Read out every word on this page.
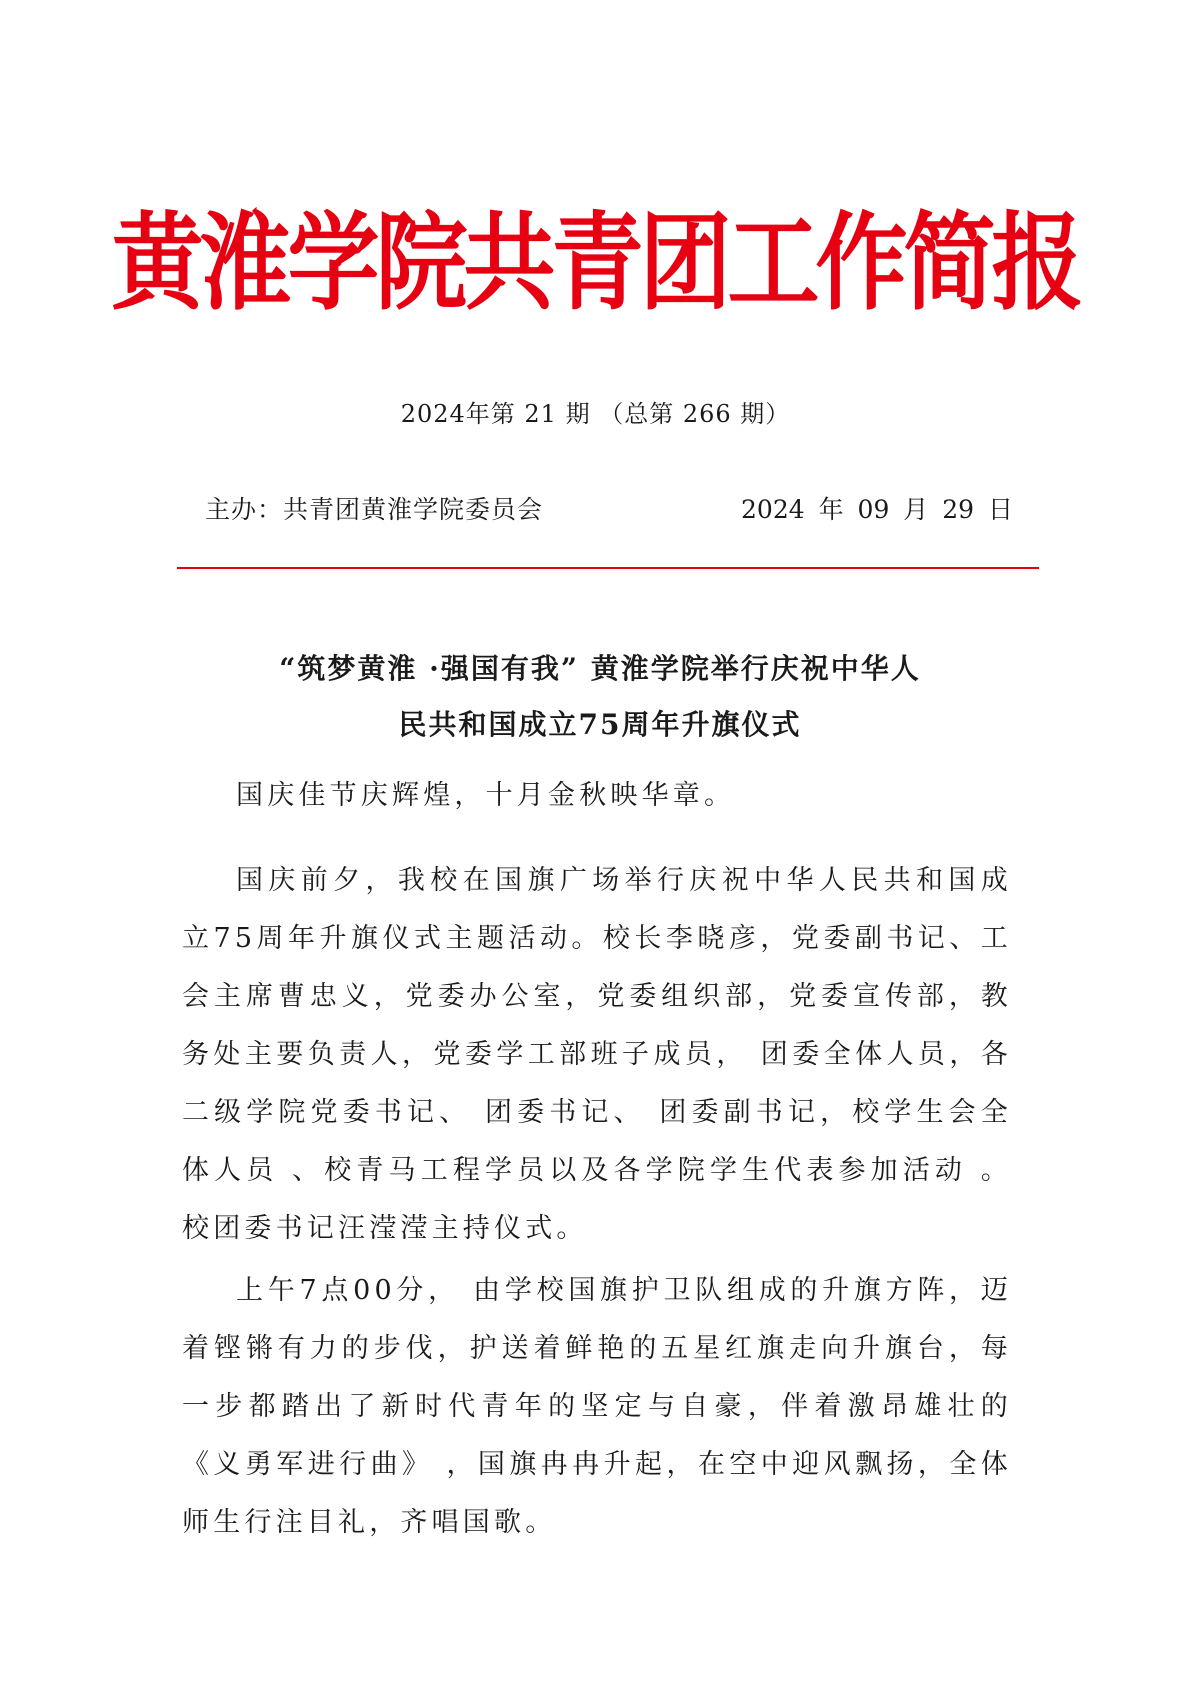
黄淮学院共青团工作简报
2024年第 21 期 （总第 266 期）
主办：共青团黄淮学院委员会	2024 年 09 月 29 日
“筑梦黄淮 ·强国有我” 黄淮学院举行庆祝中华人
民共和国成立75周年升旗仪式

国庆佳节庆辉煌，十月金秋映华章。

国庆前夕，我校在国旗广场举行庆祝中华人民共和国成立75周年升旗仪式主题活动。校长李晓彦，党委副书记、工会主席曹忠义，党委办公室，党委组织部，党委宣传部，教务处主要负责人，党委学工部班子成员， 团委全体人员，各二级学院党委书记、 团委书记、 团委副书记，校学生会全体人员 、校青马工程学员以及各学院学生代表参加活动 。校团委书记汪滢滢主持仪式。

上午7点00分， 由学校国旗护卫队组成的升旗方阵，迈着铿锵有力的步伐，护送着鲜艳的五星红旗走向升旗台，每一步都踏出了新时代青年的坚定与自豪，伴着激昂雄壮的《义勇军进行曲》 ，国旗冉冉升起，在空中迎风飘扬，全体师生行注目礼，齐唱国歌。
